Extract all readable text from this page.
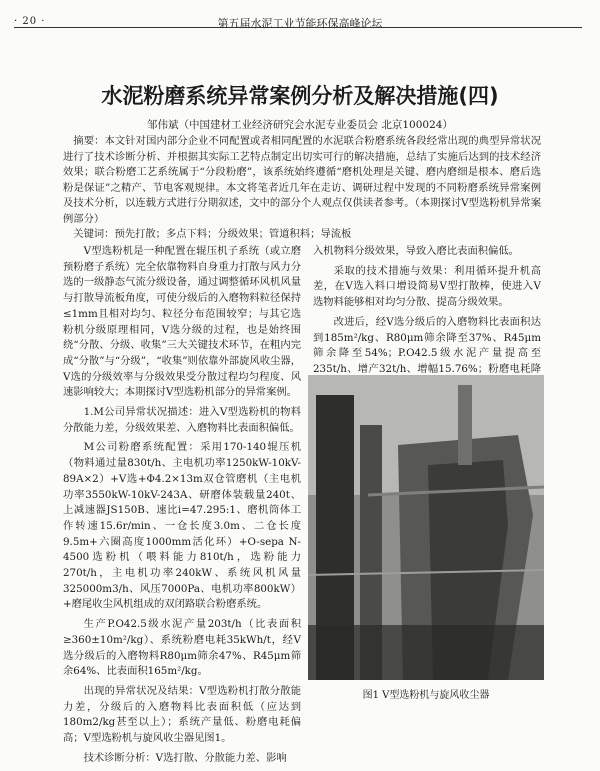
· 20 ·	第五届水泥工业节能环保高峰论坛
水泥粉磨系统异常案例分析及解决措施(四)
邹伟斌（中国建材工业经济研究会水泥专业委员会 北京100024）
摘要：本文针对国内部分企业不同配置或者相同配置的水泥联合粉磨系统各段经常出现的典型异常状况进行了技术诊断分析、并根据其实际工艺特点制定出切实可行的解决措施，总结了实施后达到的技术经济效果；联合粉磨工艺系统属于“分段粉磨”，该系统始终遵循“磨机处理是关键、磨内磨细是根本、磨后选粉是保证”之精产、节电客观规律。本文将笔者近几年在走访、调研过程中发现的不同粉磨系统异常案例及技术分析，以连载方式进行分期叙述，文中的部分个人观点仅供读者参考。（本期探讨V型选粉机异常案例部分）
关键词：预先打散；多点下料；分级效果；管道积料；导流板

V型选粉机是一种配置在辊压机子系统（或立磨预粉磨子系统）完全依靠物料自身重力打散与风力分选的一级静态气流分级设备，通过调整循环风机风量与打散导流板角度，可使分级后的入磨物料粒径保持≤1mm且相对均匀、粒径分布范围较窄；与其它选粉机分级原理相同，V选分级的过程，也是始终围绕“分散、分级、收集”三大关键技术环节，在粗内完成“分散”与“分级”，“收集”则依靠外部旋风收尘器，V选的分级效率与分级效果受分散过程均匀程度、风速影响较大；本期探讨V型选粉机部分的异常案例。

1.M公司异常状况描述：进入V型选粉机的物料分散能力差，分级效果差、入磨物料比表面积偏低。

M公司粉磨系统配置：采用170-140辊压机（物料通过量830t/h、主电机功率1250kW-10kV-89A×2）+V选+Φ4.2×13m双仓管磨机（主电机功率3550kW-10kV-243A、研磨体装载量240t、上减速器JS150B、速比i=47.295:1、磨机筒体工作转速15.6r/min、一仓长度3.0m、二仓长度9.5m+六圈高度1000mm活化环）+O-sepa N-4500选粉机（喂料能力810t/h，选粉能力270t/h，主电机功率240kW、系统风机风量325000m3/h、风压7000Pa、电机功率800kW）+磨尾收尘风机组成的双闭路联合粉磨系统。

生产P.O42.5级水泥产量203t/h（比表面积≥360±10m²/kg）、系统粉磨电耗35kWh/t，经V选分级后的入磨物料R80μm筛余47%、R45μm筛余64%、比表面积165m²/kg。

出现的异常状况及结果：V型选粉机打散分散能力差，分级后的入磨物料比表面积低（应达到180m2/kg甚至以上）；系统产量低、粉磨电耗偏高；V型选粉机与旋风收尘器见图1。

技术诊断分析：V选打散、分散能力差、影响

入机物料分级效果，导致入磨比表面积偏低。

采取的技术措施与效果：利用循环提升机高差，在V选入料口增设简易V型打散棒，使进入V选物料能够相对均匀分散、提高分级效果。

改进后，经V选分级后的入磨物料比表面积达到185m²/kg、R80μm筛余降至37%、R45μm筛余降至54%；P.O42.5级水泥产量提高至235t/h、增产32t/h、增幅15.76%；粉磨电耗降

图1 V型选粉机与旋风收尘器
